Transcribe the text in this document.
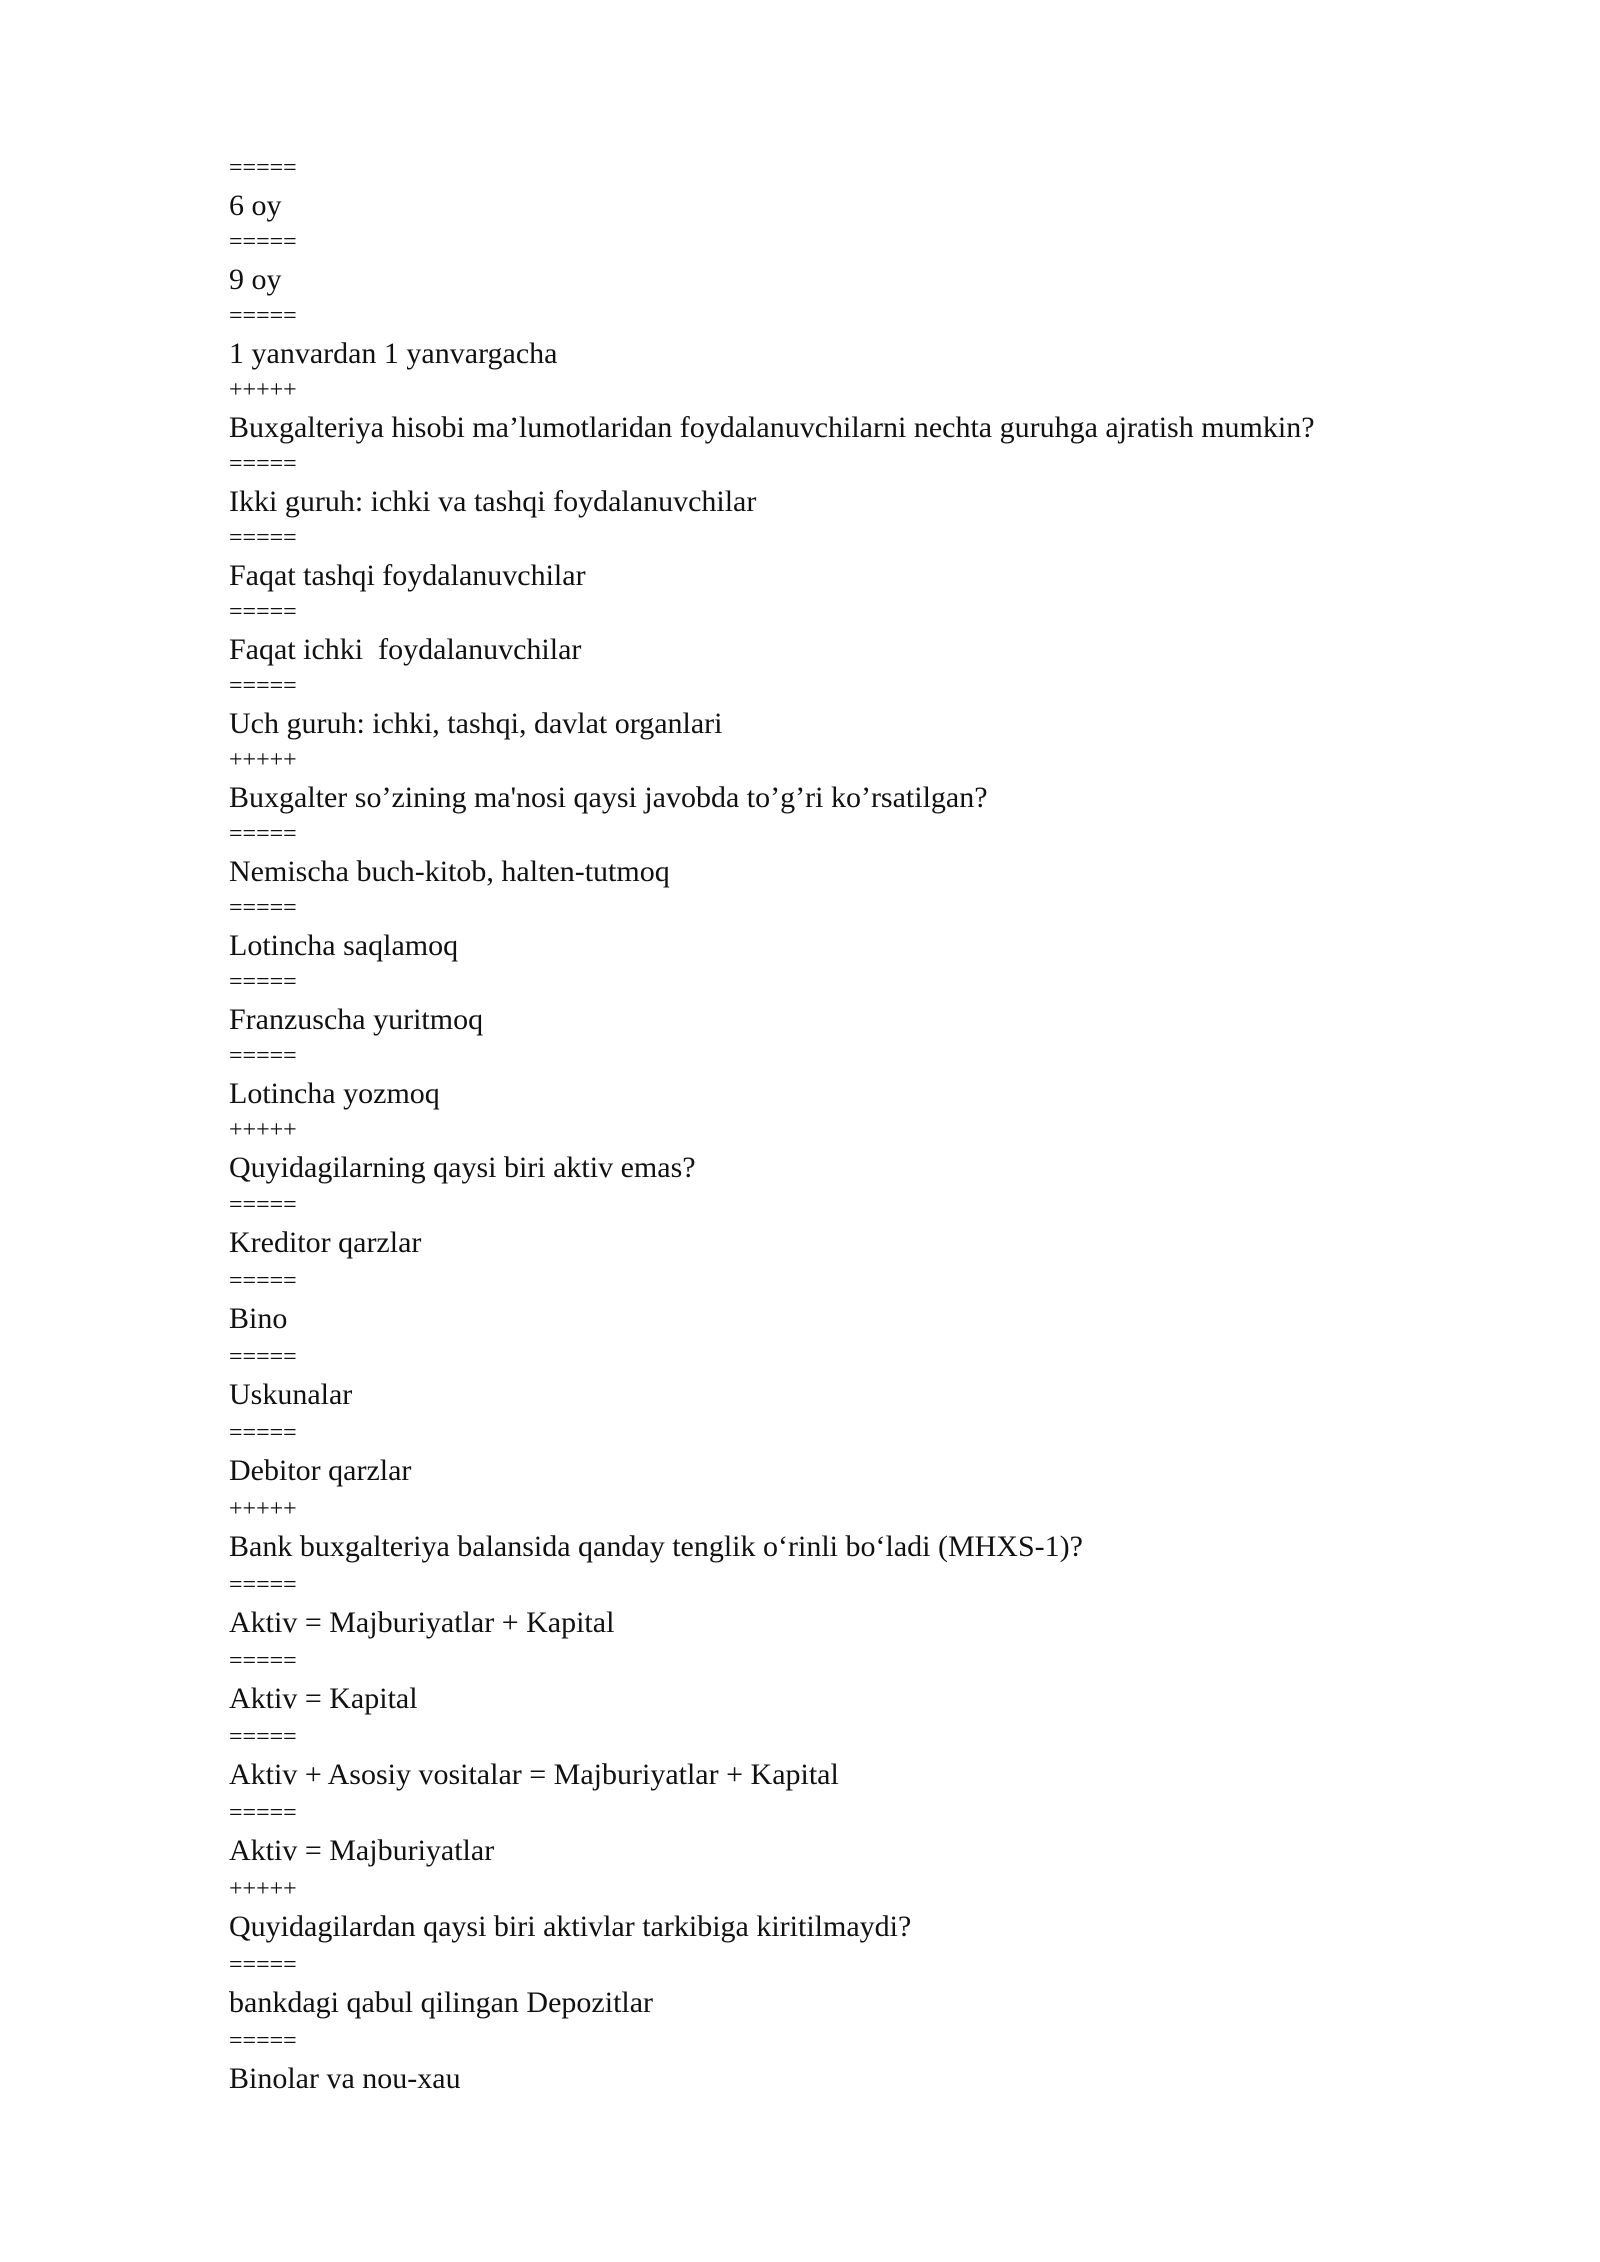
=====
6 oy
=====
9 oy
=====
1 yanvardan 1 yanvargacha
+++++
Buxgalteriya hisobi ma’lumotlaridan foydalanuvchilarni nechta guruhga ajratish mumkin?
=====
Ikki guruh: ichki va tashqi foydalanuvchilar
=====
Faqat tashqi foydalanuvchilar
=====
Faqat ichki  foydalanuvchilar
=====
Uch guruh: ichki, tashqi, davlat organlari
+++++
Buxgalter so’zining ma'nosi qaysi javobda to’g’ri ko’rsatilgan?
=====
Nemischa buch-kitob, halten-tutmoq
=====
Lotincha saqlamoq
=====
Franzuscha yuritmoq
=====
Lotincha yozmoq
+++++
Quyidagilarning qaysi biri aktiv emas?
=====
Kreditor qarzlar
=====
Bino
=====
Uskunalar
=====
Debitor qarzlar
+++++
Bank buxgalteriya balansida qanday tenglik o‘rinli bo‘ladi (MHXS-1)?
=====
Aktiv = Majburiyatlar + Kapital
=====
Aktiv = Kapital
=====
Aktiv + Asosiy vositalar = Majburiyatlar + Kapital
=====
Aktiv = Majburiyatlar
+++++
Quyidagilardan qaysi biri aktivlar tarkibiga kiritilmaydi?
=====
bankdagi qabul qilingan Depozitlar
=====
Binolar va nou-xau
